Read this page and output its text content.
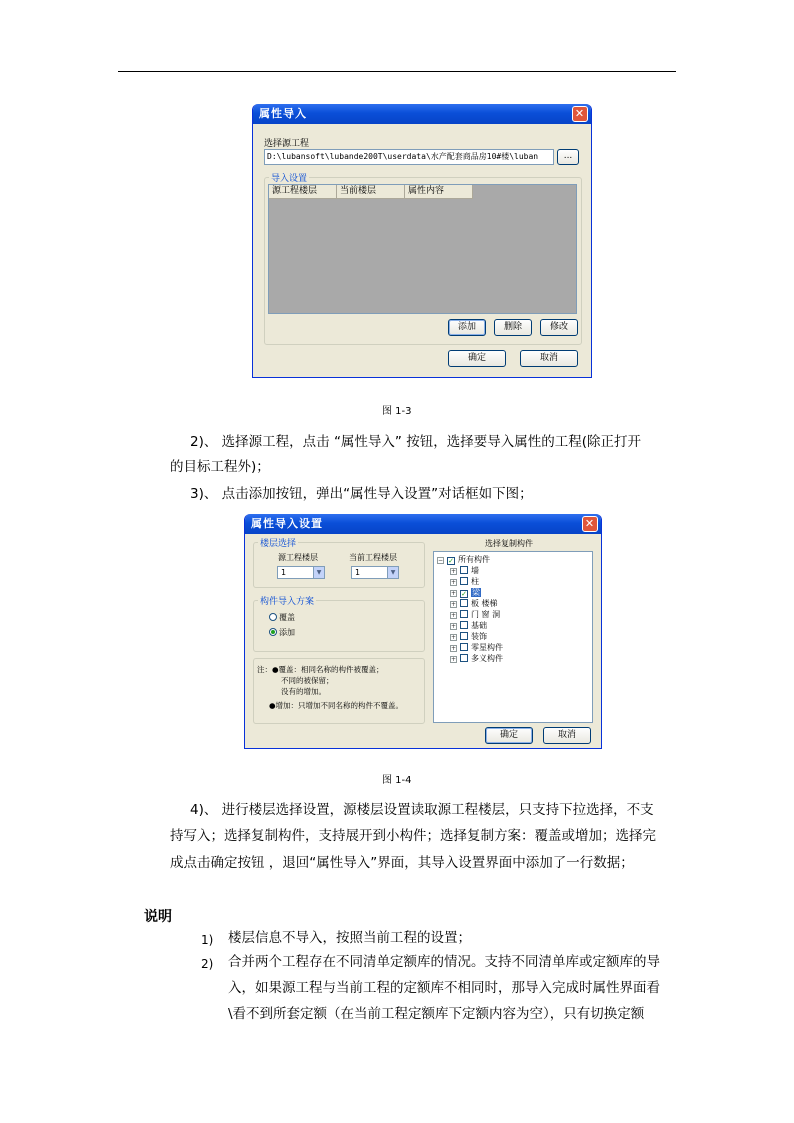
属性导入	✕
选择源工程
D:\lubansoft\lubande200T\userdata\水产配套商品房10#楼\luban	...
导入设置
源工程楼层	当前楼层	属性内容
添加	删除	修改
确定	取消
图 1-3
2)、 选择源工程，点击 “属性导入” 按钮，选择要导入属性的工程(除正打开
的目标工程外)；
3)、 点击添加按钮，弹出“属性导入设置”对话框如下图；
属性导入设置	✕
楼层选择
源工程楼层	当前工程楼层
1	▼	1	▼
构件导入方案
覆盖
添加
注：●覆盖：相同名称的构件被覆盖；
不同的被保留；
没有的增加。
●增加：只增加不同名称的构件不覆盖。
选择复制构件
− ✓ 所有构件
+ 墙
+ 柱
+ ✓ 梁
+ 板 楼梯
+ 门 窗 洞
+ 基础
+ 装饰
+ 零星构件
+ 多义构件
确定	取消
图 1-4
4)、 进行楼层选择设置，源楼层设置读取源工程楼层，只支持下拉选择，不支
持写入；选择复制构件，支持展开到小构件；选择复制方案：覆盖或增加；选择完
成点击确定按钮 ，退回“属性导入”界面，其导入设置界面中添加了一行数据；
说明
1) 楼层信息不导入，按照当前工程的设置；
2) 合并两个工程存在不同清单定额库的情况。支持不同清单库或定额库的导
入，如果源工程与当前工程的定额库不相同时，那导入完成时属性界面看
\看不到所套定额（在当前工程定额库下定额内容为空），只有切换定额
